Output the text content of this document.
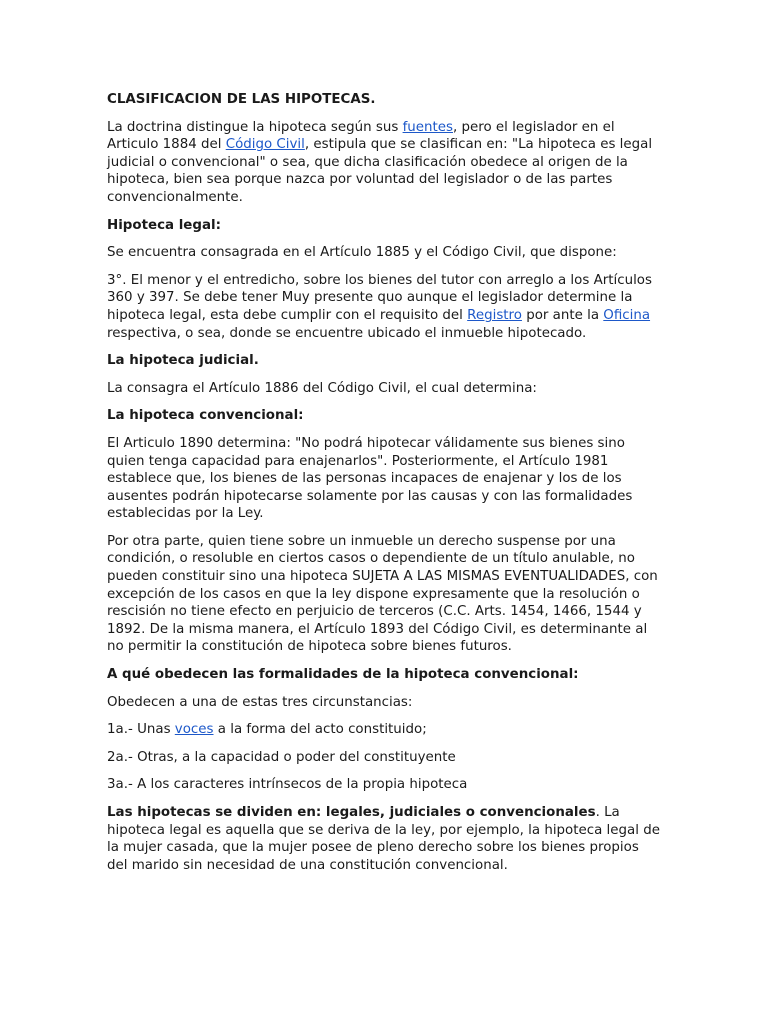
CLASIFICACION DE LAS HIPOTECAS.

La doctrina distingue la hipoteca según sus fuentes, pero el legislador en el Articulo 1884 del Código Civil, estipula que se clasifican en: "La hipoteca es legal judicial o convencional" o sea, que dicha clasificación obedece al origen de la hipoteca, bien sea porque nazca por voluntad del legislador o de las partes convencionalmente.

Hipoteca legal:

Se encuentra consagrada en el Artículo 1885 y el Código Civil, que dispone:

3°. El menor y el entredicho, sobre los bienes del tutor con arreglo a los Artículos 360 y 397. Se debe tener Muy presente quo aunque el legislador determine la hipoteca legal, esta debe cumplir con el requisito del Registro por ante la Oficina respectiva, o sea, donde se encuentre ubicado el inmueble hipotecado.

La hipoteca judicial.

La consagra el Artículo 1886 del Código Civil, el cual determina:

La hipoteca convencional:

El Articulo 1890 determina: "No podrá hipotecar válidamente sus bienes sino quien tenga capacidad para enajenarlos". Posteriormente, el Artículo 1981 establece que, los bienes de las personas incapaces de enajenar y los de los ausentes podrán hipotecarse solamente por las causas y con las formalidades establecidas por la Ley.

Por otra parte, quien tiene sobre un inmueble un derecho suspense por una condición, o resoluble en ciertos casos o dependiente de un título anulable, no pueden constituir sino una hipoteca SUJETA A LAS MISMAS EVENTUALIDADES, con excepción de los casos en que la ley dispone expresamente que la resolución o rescisión no tiene efecto en perjuicio de terceros (C.C. Arts. 1454, 1466, 1544 y 1892. De la misma manera, el Artículo 1893 del Código Civil, es determinante al no permitir la constitución de hipoteca sobre bienes futuros.

A qué obedecen las formalidades de la hipoteca convencional:

Obedecen a una de estas tres circunstancias:

1a.- Unas voces a la forma del acto constituido;

2a.- Otras, a la capacidad o poder del constituyente

3a.- A los caracteres intrínsecos de la propia hipoteca

Las hipotecas se dividen en: legales, judiciales o convencionales. La hipoteca legal es aquella que se deriva de la ley, por ejemplo, la hipoteca legal de la mujer casada, que la mujer posee de pleno derecho sobre los bienes propios del marido sin necesidad de una constitución convencional.
